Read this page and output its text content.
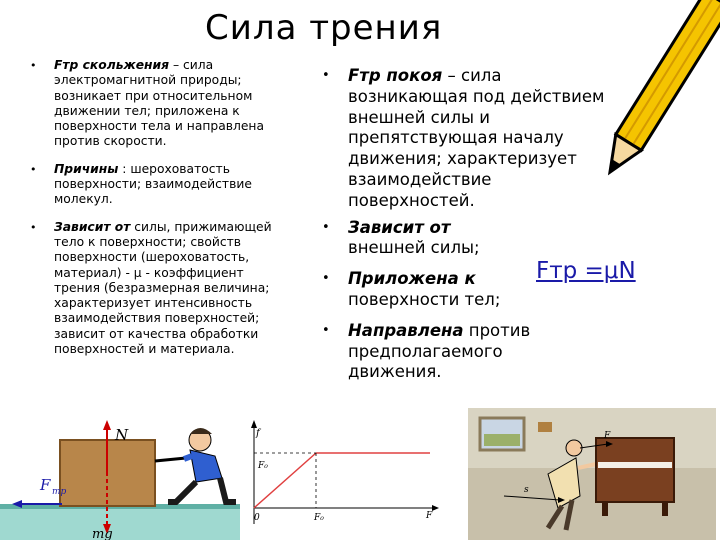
Сила трения
•	Fтр скольжения – сила электромагнитной природы; возникает при относительном движении тел; приложена к поверхности тела и направлена против скорости.
•	Причины : шероховатость поверхности; взаимодействие молекул.
•	Зависит от силы, прижимающей тело к поверхности; свойств поверхности (шероховатость, материал) - μ - коэффициент трения (безразмерная величина; характеризует интенсивность взаимодействия поверхностей; зависит от качества обработки поверхностей и материала.
•	Fтр покоя – сила возникающая под действием внешней силы и препятствующая началу движения; характеризует взаимодействие поверхностей.
•	Зависит от внешней силы;
•	Приложена к поверхности тел;
•	Направлена против предполагаемого движения.
Fтр =μN
N
mg
F тр
f
F₀
0	F₀	F
F
s
